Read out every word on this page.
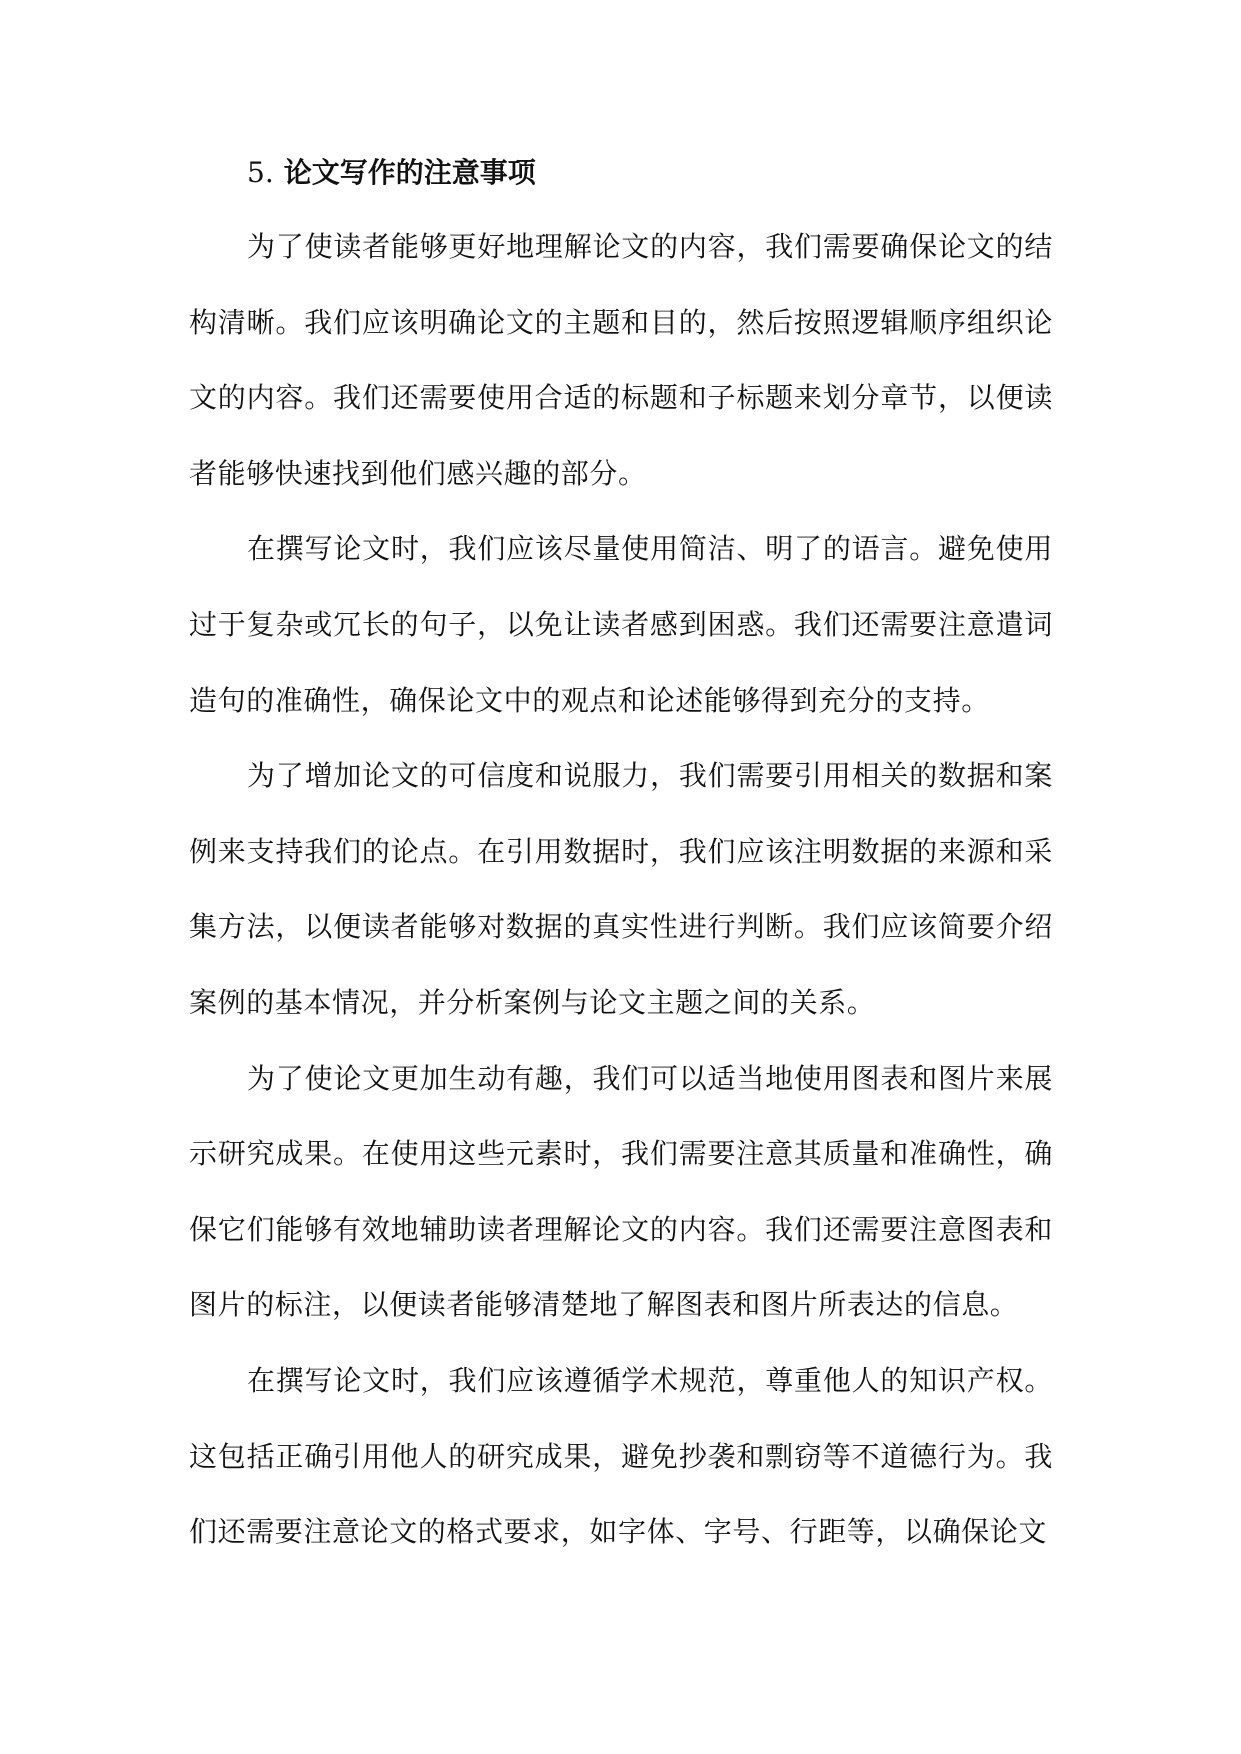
5. 论文写作的注意事项

为了使读者能够更好地理解论文的内容，我们需要确保论文的结构清晰。我们应该明确论文的主题和目的，然后按照逻辑顺序组织论文的内容。我们还需要使用合适的标题和子标题来划分章节，以便读者能够快速找到他们感兴趣的部分。

在撰写论文时，我们应该尽量使用简洁、明了的语言。避免使用过于复杂或冗长的句子，以免让读者感到困惑。我们还需要注意遣词造句的准确性，确保论文中的观点和论述能够得到充分的支持。

为了增加论文的可信度和说服力，我们需要引用相关的数据和案例来支持我们的论点。在引用数据时，我们应该注明数据的来源和采集方法，以便读者能够对数据的真实性进行判断。我们应该简要介绍案例的基本情况，并分析案例与论文主题之间的关系。

为了使论文更加生动有趣，我们可以适当地使用图表和图片来展示研究成果。在使用这些元素时，我们需要注意其质量和准确性，确保它们能够有效地辅助读者理解论文的内容。我们还需要注意图表和图片的标注，以便读者能够清楚地了解图表和图片所表达的信息。

在撰写论文时，我们应该遵循学术规范，尊重他人的知识产权。这包括正确引用他人的研究成果，避免抄袭和剽窃等不道德行为。我们还需要注意论文的格式要求，如字体、字号、行距等，以确保论文
